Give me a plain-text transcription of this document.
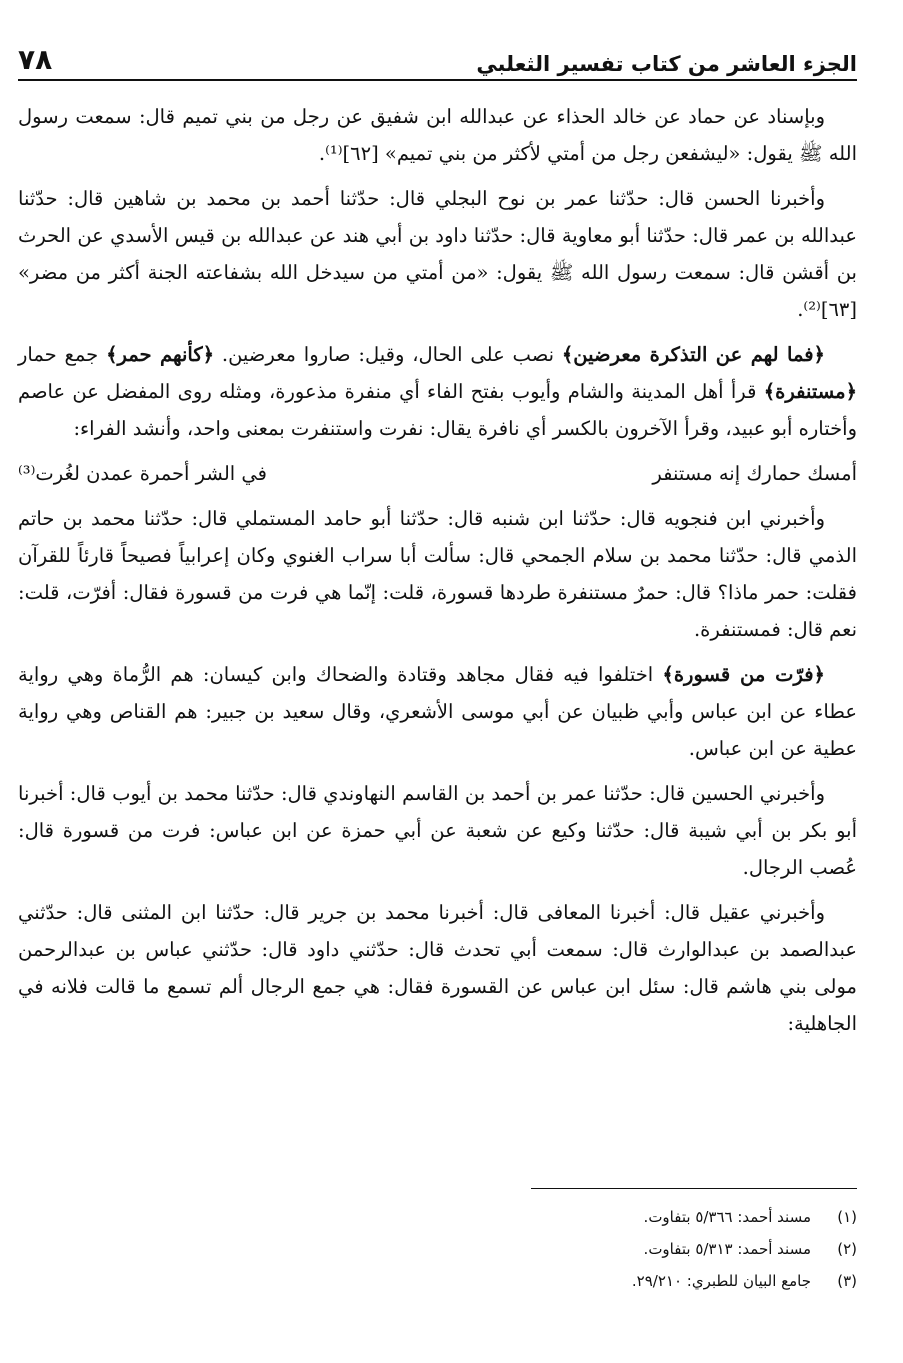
الجزء العاشر من كتاب تفسير الثعلبي
٧٨

وبإسناد عن حماد عن خالد الحذاء عن عبدالله ابن شفيق عن رجل من بني تميم قال: سمعت رسول الله ﷺ يقول: «ليشفعن رجل من أمتي لأكثر من بني تميم» [٦٢]⁽¹⁾.

وأخبرنا الحسن قال: حدّثنا عمر بن نوح البجلي قال: حدّثنا أحمد بن محمد بن شاهين قال: حدّثنا عبدالله بن عمر قال: حدّثنا أبو معاوية قال: حدّثنا داود بن أبي هند عن عبدالله بن قيس الأسدي عن الحرث بن أقشن قال: سمعت رسول الله ﷺ يقول: «من أمتي من سيدخل الله بشفاعته الجنة أكثر من مضر» [٦٣]⁽²⁾.

﴿فما لهم عن التذكرة معرضين﴾ نصب على الحال، وقيل: صاروا معرضين. ﴿كأنهم حمر﴾ جمع حمار ﴿مستنفرة﴾ قرأ أهل المدينة والشام وأيوب بفتح الفاء أي منفرة مذعورة، ومثله روى المفضل عن عاصم وأختاره أبو عبيد، وقرأ الآخرون بالكسر أي نافرة يقال: نفرت واستنفرت بمعنى واحد، وأنشد الفراء:

أمسك حمارك إنه مستنفر
في الشر أحمرة عمدن لغُرت⁽³⁾

وأخبرني ابن فنجويه قال: حدّثنا ابن شنبه قال: حدّثنا أبو حامد المستملي قال: حدّثنا محمد بن حاتم الذمي قال: حدّثنا محمد بن سلام الجمحي قال: سألت أبا سراب الغنوي وكان إعرابياً فصيحاً قارئاً للقرآن فقلت: حمر ماذا؟ قال: حمرٌ مستنفرة طردها قسورة، قلت: إنّما هي فرت من قسورة فقال: أفرّت، قلت: نعم قال: فمستنفرة.

﴿فرّت من قسورة﴾ اختلفوا فيه فقال مجاهد وقتادة والضحاك وابن كيسان: هم الرُّماة وهي رواية عطاء عن ابن عباس وأبي ظبيان عن أبي موسى الأشعري، وقال سعيد بن جبير: هم القناص وهي رواية عطية عن ابن عباس.

وأخبرني الحسين قال: حدّثنا عمر بن أحمد بن القاسم النهاوندي قال: حدّثنا محمد بن أيوب قال: أخبرنا أبو بكر بن أبي شيبة قال: حدّثنا وكيع عن شعبة عن أبي حمزة عن ابن عباس: فرت من قسورة قال: عُصب الرجال.

وأخبرني عقيل قال: أخبرنا المعافى قال: أخبرنا محمد بن جرير قال: حدّثنا ابن المثنى قال: حدّثني عبدالصمد بن عبدالوارث قال: سمعت أبي تحدث قال: حدّثني داود قال: حدّثني عباس بن عبدالرحمن مولى بني هاشم قال: سئل ابن عباس عن القسورة فقال: هي جمع الرجال ألم تسمع ما قالت فلانه في الجاهلية:

(١)مسند أحمد: ٥/٣٦٦ بتفاوت.
(٢)مسند أحمد: ٥/٣١٣ بتفاوت.
(٣)جامع البيان للطبري: ٢٩/٢١٠.
